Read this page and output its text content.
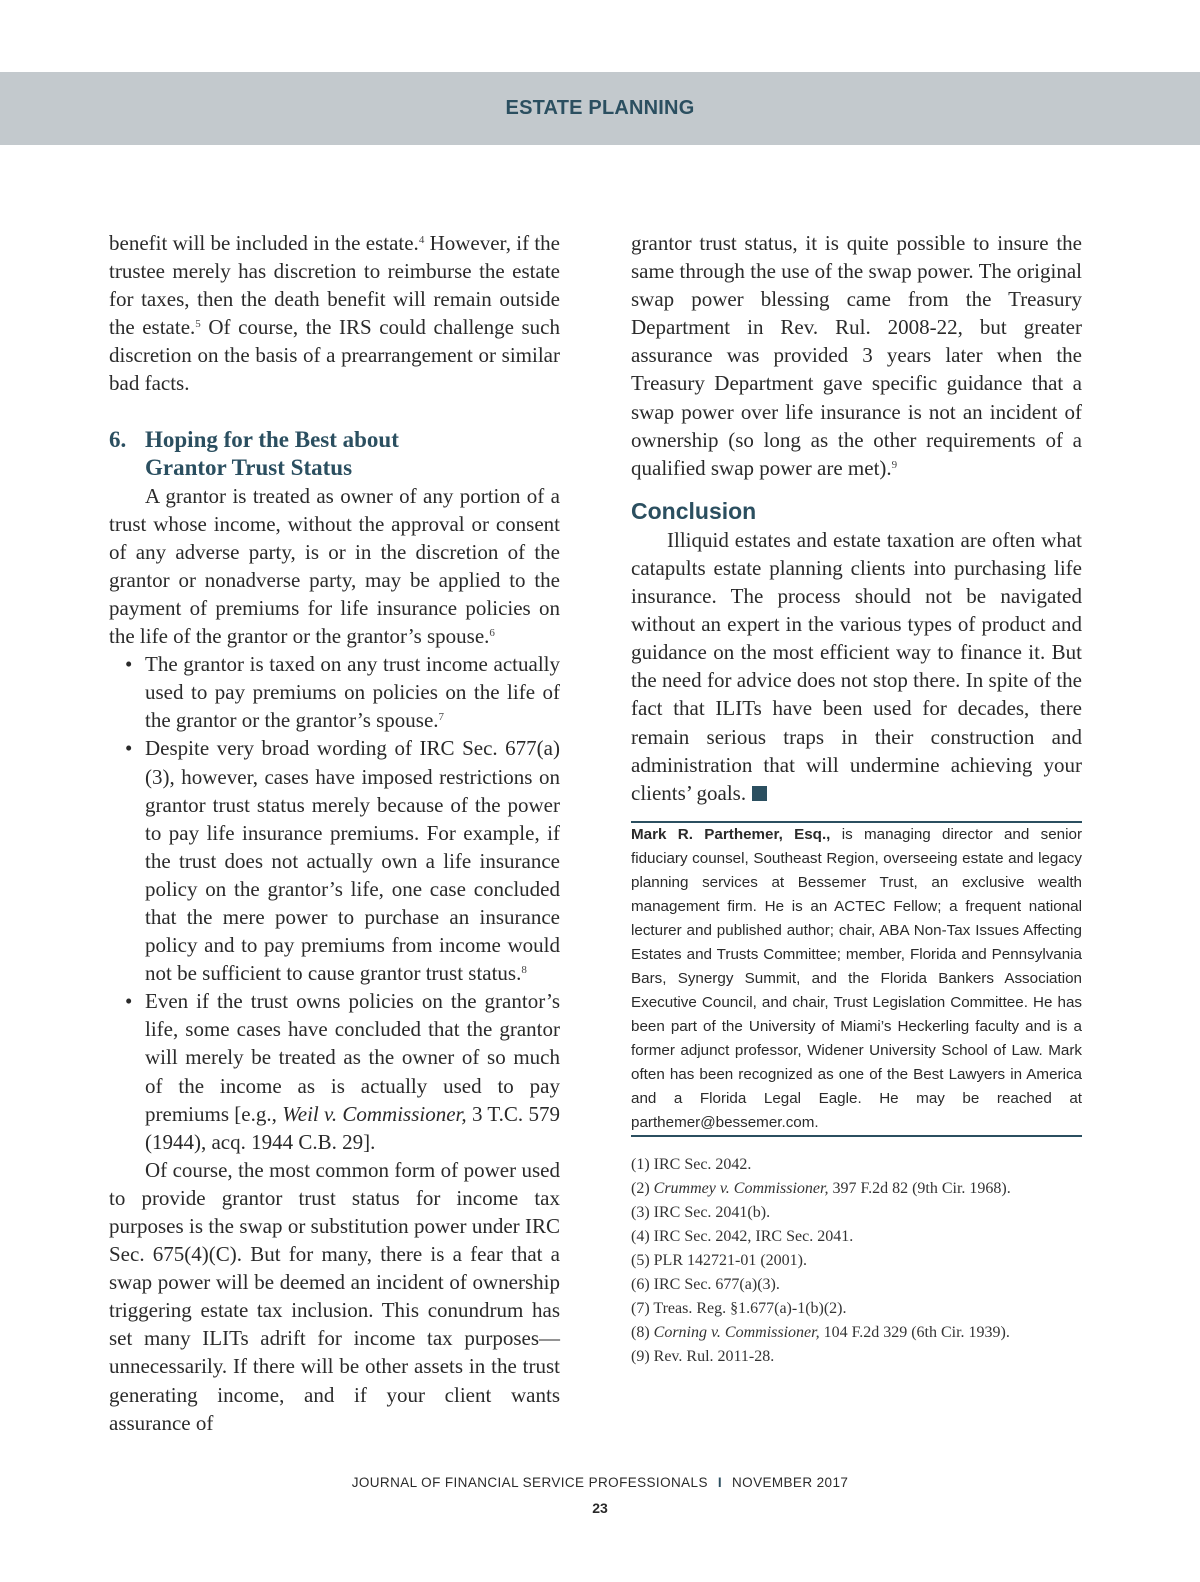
ESTATE PLANNING

benefit will be included in the estate.$^4$ However, if the trustee merely has discretion to reimburse the estate for taxes, then the death benefit will remain outside the estate.$^5$ Of course, the IRS could challenge such discretion on the basis of a prearrangement or similar bad facts.

6. Hoping for the Best about
Grantor Trust Status

A grantor is treated as owner of any portion of a trust whose income, without the approval or consent of any adverse party, is or in the discretion of the grantor or nonadverse party, may be applied to the payment of premiums for life insurance policies on the life of the grantor or the grantor’s spouse.$^6$

• The grantor is taxed on any trust income actually used to pay premiums on policies on the life of the grantor or the grantor’s spouse.$^7$
• Despite very broad wording of IRC Sec. 677(a)(3), however, cases have imposed restrictions on grantor trust status merely because of the power to pay life insurance premiums. For example, if the trust does not actually own a life insurance policy on the grantor’s life, one case concluded that the mere power to purchase an insurance policy and to pay premiums from income would not be sufficient to cause grantor trust status.$^8$
• Even if the trust owns policies on the grantor’s life, some cases have concluded that the grantor will merely be treated as the owner of so much of the income as is actually used to pay premiums [e.g., Weil v. Commissioner, 3 T.C. 579 (1944), acq. 1944 C.B. 29].

Of course, the most common form of power used to provide grantor trust status for income tax purposes is the swap or substitution power under IRC Sec. 675(4)(C). But for many, there is a fear that a swap power will be deemed an incident of ownership triggering estate tax inclusion. This conundrum has set many ILITs adrift for income tax purposes—unnecessarily. If there will be other assets in the trust generating income, and if your client wants assurance of

grantor trust status, it is quite possible to insure the same through the use of the swap power. The original swap power blessing came from the Treasury Department in Rev. Rul. 2008-22, but greater assurance was provided 3 years later when the Treasury Department gave specific guidance that a swap power over life insurance is not an incident of ownership (so long as the other requirements of a qualified swap power are met).$^9$

Conclusion

Illiquid estates and estate taxation are often what catapults estate planning clients into purchasing life insurance. The process should not be navigated without an expert in the various types of product and guidance on the most efficient way to finance it. But the need for advice does not stop there. In spite of the fact that ILITs have been used for decades, there remain serious traps in their construction and administration that will undermine achieving your clients’ goals.

Mark R. Parthemer, Esq., is managing director and senior fiduciary counsel, Southeast Region, overseeing estate and legacy planning services at Bessemer Trust, an exclusive wealth management firm. He is an ACTEC Fellow; a frequent national lecturer and published author; chair, ABA Non-Tax Issues Affecting Estates and Trusts Committee; member, Florida and Pennsylvania Bars, Synergy Summit, and the Florida Bankers Association Executive Council, and chair, Trust Legislation Committee. He has been part of the University of Miami’s Heckerling faculty and is a former adjunct professor, Widener University School of Law. Mark often has been recognized as one of the Best Lawyers in America and a Florida Legal Eagle. He may be reached at parthemer@bessemer.com.

(1) IRC Sec. 2042.
(2) Crummey v. Commissioner, 397 F.2d 82 (9th Cir. 1968).
(3) IRC Sec. 2041(b).
(4) IRC Sec. 2042, IRC Sec. 2041.
(5) PLR 142721-01 (2001).
(6) IRC Sec. 677(a)(3).
(7) Treas. Reg. §1.677(a)-1(b)(2).
(8) Corning v. Commissioner, 104 F.2d 329 (6th Cir. 1939).
(9) Rev. Rul. 2011-28.
JOURNAL OF FINANCIAL SERVICE PROFESSIONALS I NOVEMBER 2017
23
